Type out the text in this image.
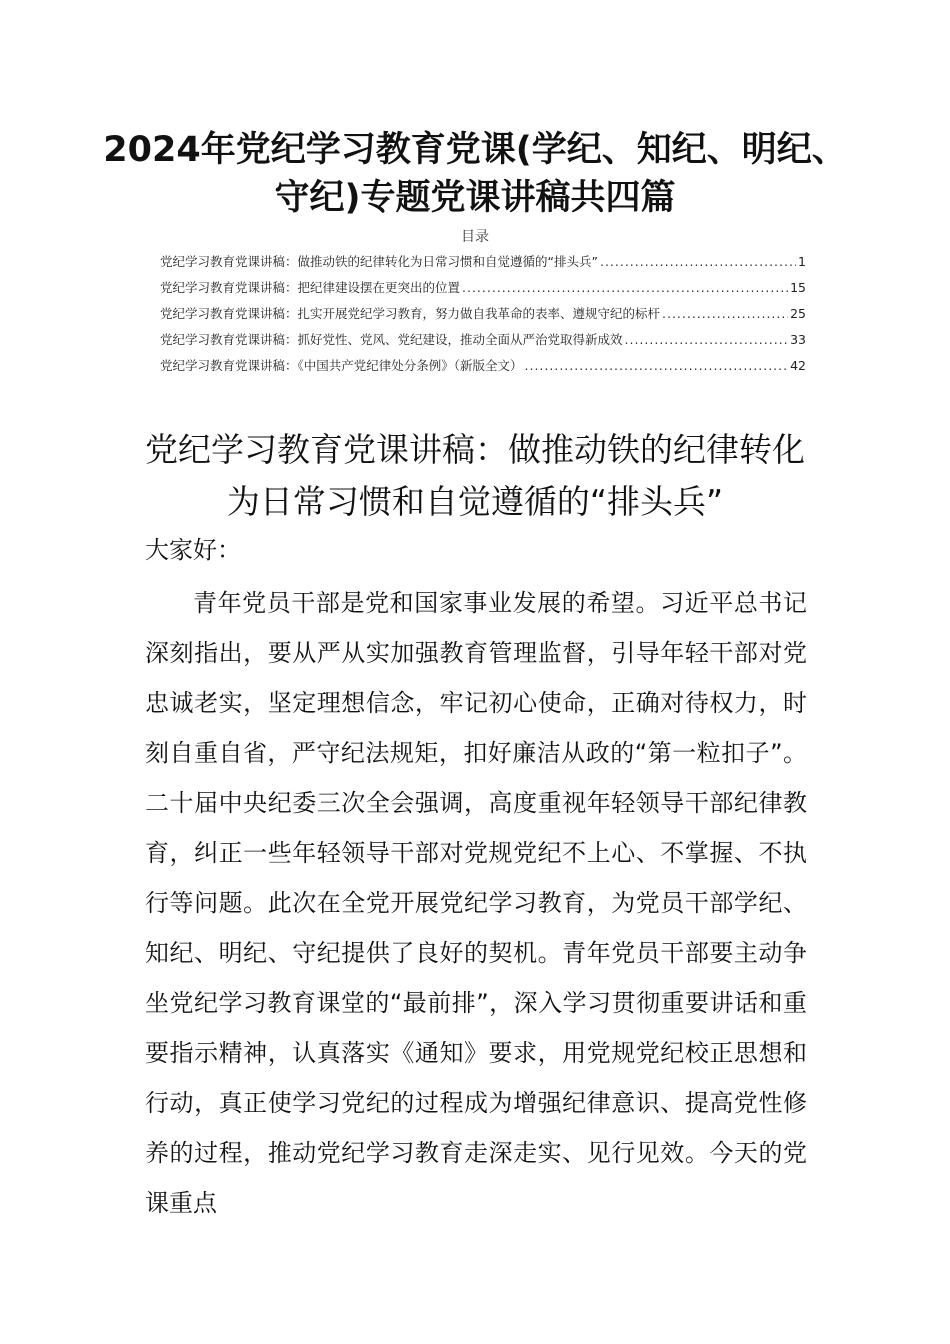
2024年党纪学习教育党课(学纪、知纪、明纪、守纪)专题党课讲稿共四篇
目录
党纪学习教育党课讲稿：做推动铁的纪律转化为日常习惯和自觉遵循的“排头兵” .....	1
党纪学习教育党课讲稿：把纪律建设摆在更突出的位置 .....	15
党纪学习教育党课讲稿：扎实开展党纪学习教育，努力做自我革命的表率、遵规守纪的标杆 .....	25
党纪学习教育党课讲稿：抓好党性、党风、党纪建设，推动全面从严治党取得新成效 .....	33
党纪学习教育党课讲稿：《中国共产党纪律处分条例》（新版全文） .....	42
党纪学习教育党课讲稿：做推动铁的纪律转化为日常习惯和自觉遵循的“排头兵”

大家好：

青年党员干部是党和国家事业发展的希望。习近平总书记深刻指出，要从严从实加强教育管理监督，引导年轻干部对党忠诚老实，坚定理想信念，牢记初心使命，正确对待权力，时刻自重自省，严守纪法规矩，扣好廉洁从政的“第一粒扣子”。二十届中央纪委三次全会强调，高度重视年轻领导干部纪律教育，纠正一些年轻领导干部对党规党纪不上心、不掌握、不执行等问题。此次在全党开展党纪学习教育，为党员干部学纪、知纪、明纪、守纪提供了良好的契机。青年党员干部要主动争坐党纪学习教育课堂的“最前排”，深入学习贯彻重要讲话和重要指示精神，认真落实《通知》要求，用党规党纪校正思想和行动，真正使学习党纪的过程成为增强纪律意识、提高党性修养的过程，推动党纪学习教育走深走实、见行见效。今天的党课重点
